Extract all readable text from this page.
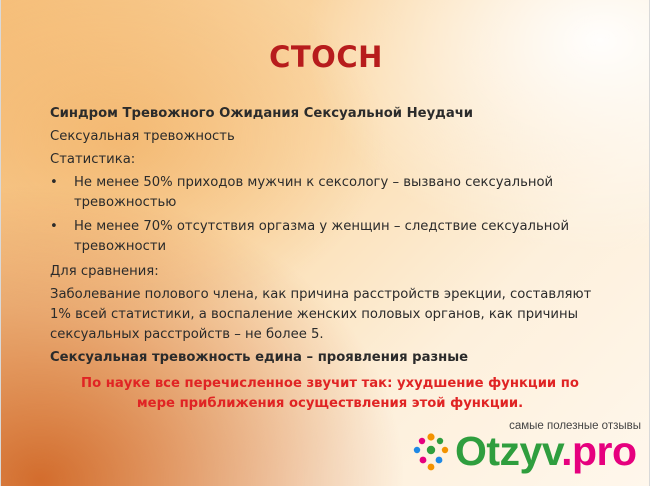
СТОСН
Синдром Тревожного Ожидания Сексуальной Неудачи
Сексуальная тревожность
Статистика:
• Не менее 50% приходов мужчин к сексологу – вызвано сексуальной тревожностью
• Не менее 70% отсутствия оргазма у женщин – следствие сексуальной тревожности
Для сравнения:
Заболевание полового члена, как причина расстройств эрекции, составляют 1% всей статистики, а воспаление женских половых органов, как причины сексуальных расстройств – не более 5.
Сексуальная тревожность едина – проявления разные
По науке все перечисленное звучит так: ухудшение функции по мере приближения осуществления этой функции.
самые полезные отзывы
Otzyv.pro
